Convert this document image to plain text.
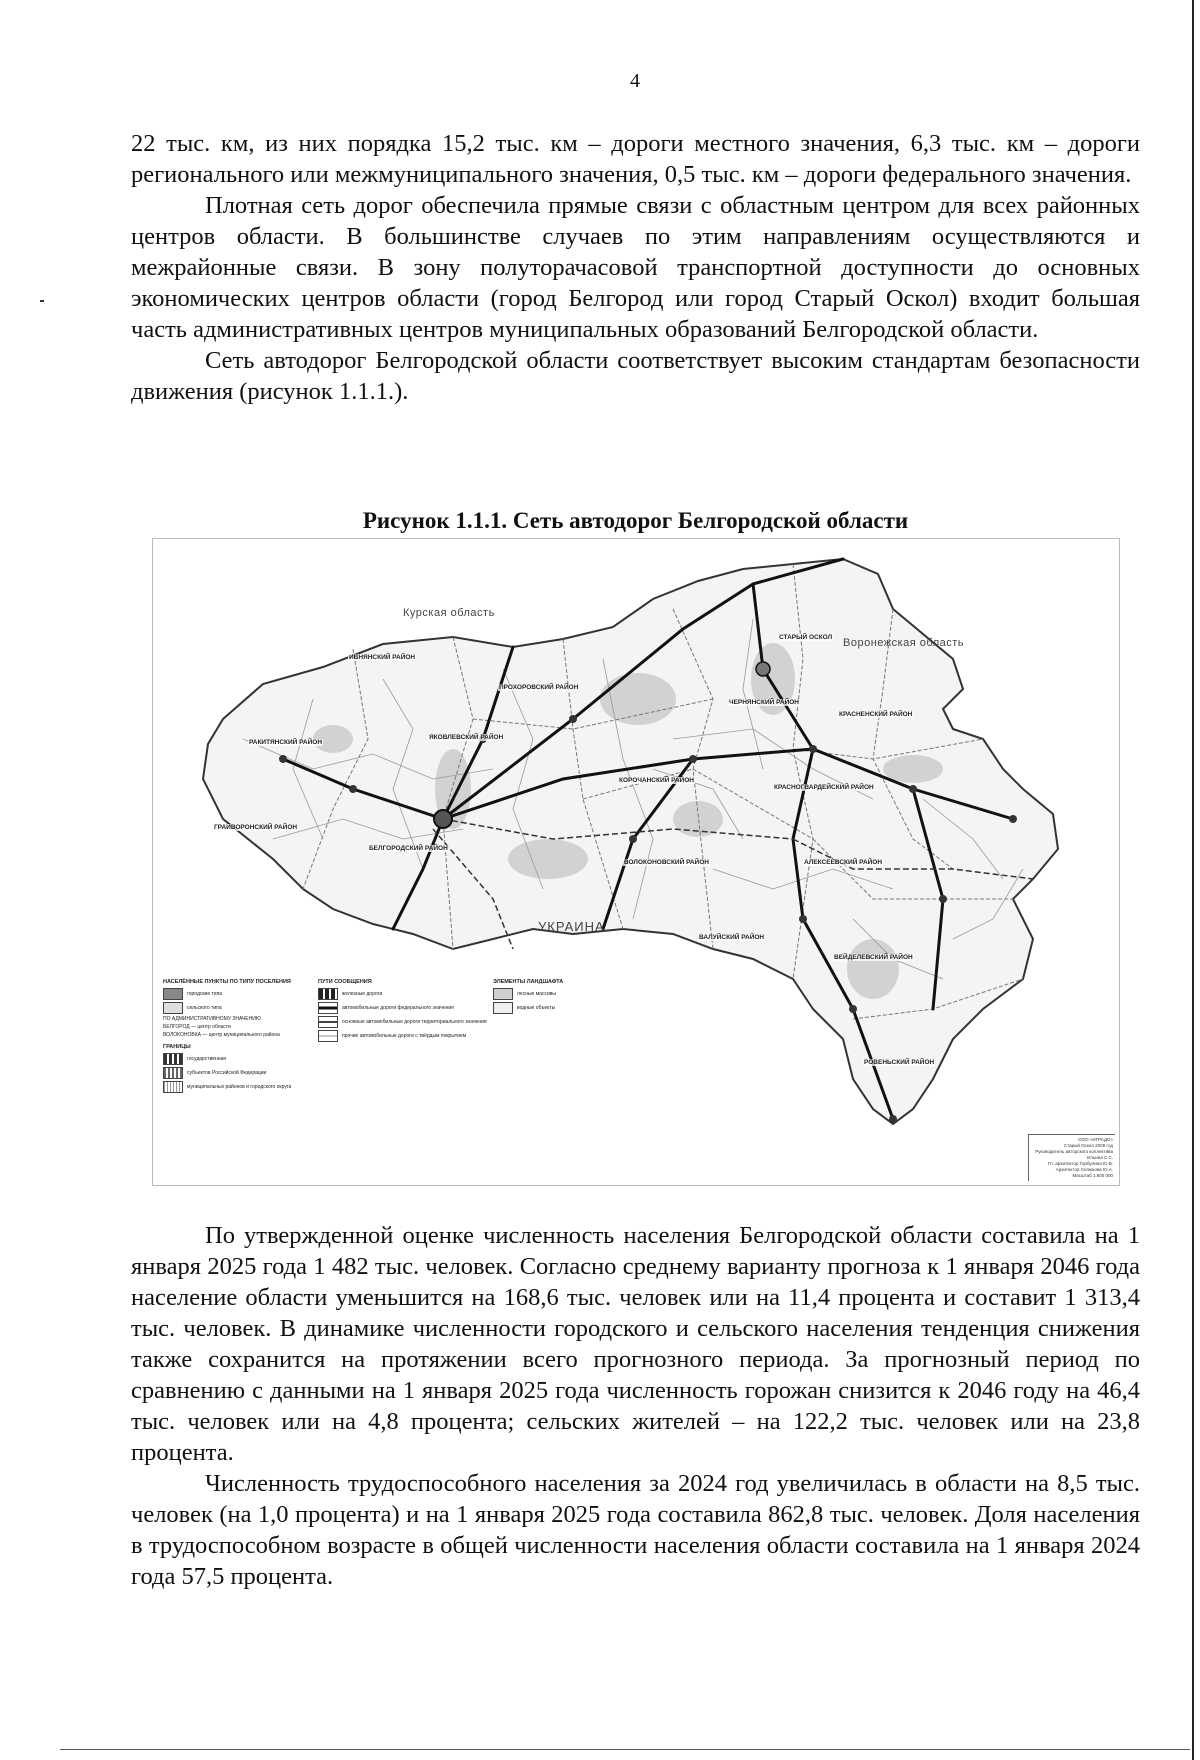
4

22 тыс. км, из них порядка 15,2 тыс. км – дороги местного значения, 6,3 тыс. км – дороги регионального или межмуниципального значения, 0,5 тыс. км – дороги федерального значения.

Плотная сеть дорог обеспечила прямые связи с областным центром для всех районных центров области. В большинстве случаев по этим направлениям осуществляются и межрайонные связи. В зону полуторачасовой транспортной доступности до основных экономических центров области (город Белгород или город Старый Оскол) входит большая часть административных центров муниципальных образований Белгородской области.

Сеть автодорог Белгородской области соответствует высоким стандартам безопасности движения (рисунок 1.1.1.).

Рисунок 1.1.1. Сеть автодорог Белгородской области
Курская область
Воронежская область
УКРАИНА
ПРОХОРОВСКИЙ РАЙОН
ЯКОВЛЕВСКИЙ РАЙОН
БЕЛГОРОДСКИЙ РАЙОН
КОРОЧАНСКИЙ РАЙОН
ВОЛОКОНОВСКИЙ РАЙОН
ЧЕРНЯНСКИЙ РАЙОН
КРАСНОГВАРДЕЙСКИЙ РАЙОН
АЛЕКСЕЕВСКИЙ РАЙОН
ВЕЙДЕЛЕВСКИЙ РАЙОН
ВАЛУЙСКИЙ РАЙОН
КРАСНЕНСКИЙ РАЙОН
ГРАЙВОРОНСКИЙ РАЙОН
РАКИТЯНСКИЙ РАЙОН
ИВНЯНСКИЙ РАЙОН
РОВЕНЬСКИЙ РАЙОН
СТАРЫЙ ОСКОЛ
НАСЕЛЁННЫЕ ПУНКТЫ ПО ТИПУ ПОСЕЛЕНИЯ
городские типа
сельского типа
ПО АДМИНИСТРАТИВНОМУ ЗНАЧЕНИЮ
БЕЛГОРОД — центр области
ВОЛОКОНОВКА — центр муниципального района
ГРАНИЦЫ
государственная
субъектов Российской Федерации
муниципальных районов и городского округа
ПУТИ СООБЩЕНИЯ
железные дороги
автомобильные дороги федерального значения
основные автомобильные дороги территориального значения
прочие автомобильные дороги с твёрдым покрытием
ЭЛЕМЕНТЫ ЛАНДШАФТА
лесные массивы
водные объекты
ООО «ИГРАДО»
Старый Оскол 2009 год
Руководитель авторского коллектива
Ильина С.С.
Гл. архитектор Горбулина Ю.В.
Архитектор Селюкова Ю.А.
Масштаб 1:600 000

По утвержденной оценке численность населения Белгородской области составила на 1 января 2025 года 1 482 тыс. человек. Согласно среднему варианту прогноза к 1 января 2046 года население области уменьшится на 168,6 тыс. человек или на 11,4 процента и составит 1 313,4 тыс. человек. В динамике численности городского и сельского населения тенденция снижения также сохранится на протяжении всего прогнозного периода. За прогнозный период по сравнению с данными на 1 января 2025 года численность горожан снизится к 2046 году на 46,4 тыс. человек или на 4,8 процента; сельских жителей – на 122,2 тыс. человек или на 23,8 процента.

Численность трудоспособного населения за 2024 год увеличилась в области на 8,5 тыс. человек (на 1,0 процента) и на 1 января 2025 года составила 862,8 тыс. человек. Доля населения в трудоспособном возрасте в общей численности населения области составила на 1 января 2024 года 57,5 процента.
